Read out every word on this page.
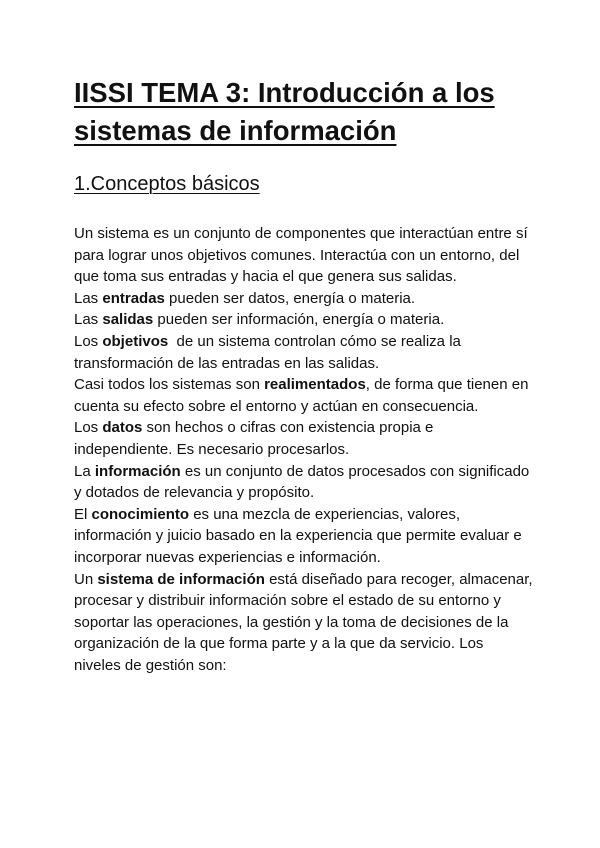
IISSI TEMA 3: Introducción a los sistemas de información
1.Conceptos básicos

Un sistema es un conjunto de componentes que interactúan entre sí para lograr unos objetivos comunes. Interactúa con un entorno, del que toma sus entradas y hacia el que genera sus salidas.

Las entradas pueden ser datos, energía o materia.

Las salidas pueden ser información, energía o materia.

Los objetivos  de un sistema controlan cómo se realiza la transformación de las entradas en las salidas.

Casi todos los sistemas son realimentados, de forma que tienen en cuenta su efecto sobre el entorno y actúan en consecuencia.

Los datos son hechos o cifras con existencia propia e independiente. Es necesario procesarlos.

La información es un conjunto de datos procesados con significado y dotados de relevancia y propósito.

El conocimiento es una mezcla de experiencias, valores, información y juicio basado en la experiencia que permite evaluar e incorporar nuevas experiencias e información.

Un sistema de información está diseñado para recoger, almacenar, procesar y distribuir información sobre el estado de su entorno y soportar las operaciones, la gestión y la toma de decisiones de la organización de la que forma parte y a la que da servicio. Los niveles de gestión son:
